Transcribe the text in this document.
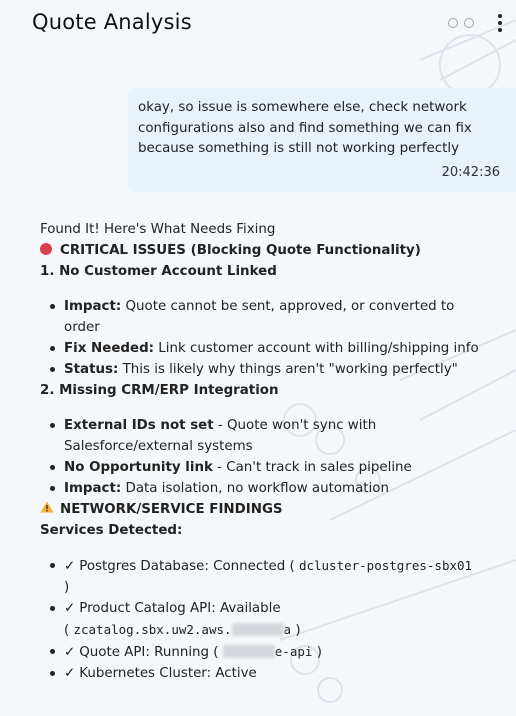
Quote Analysis
okay, so issue is somewhere else, check network configurations also and find something we can fix because something is still not working perfectly
20:42:36

Found It! Here's What Needs Fixing

CRITICAL ISSUES (Blocking Quote Functionality)

1. No Customer Account Linked

Impact: Quote cannot be sent, approved, or converted to order
Fix Needed: Link customer account with billing/shipping info
Status: This is likely why things aren't "working perfectly"

2. Missing CRM/ERP Integration

External IDs not set - Quote won't sync with Salesforce/external systems
No Opportunity link - Can't track in sales pipeline
Impact: Data isolation, no workflow automation

NETWORK/SERVICE FINDINGS

Services Detected:

✓ Postgres Database: Connected ( dcluster-postgres-sbx01 )
✓ Product Catalog API: Available
( zcatalog.sbx.uw2.aws.	a )
✓ Quote API: Running (	e-api )
✓ Kubernetes Cluster: Active
